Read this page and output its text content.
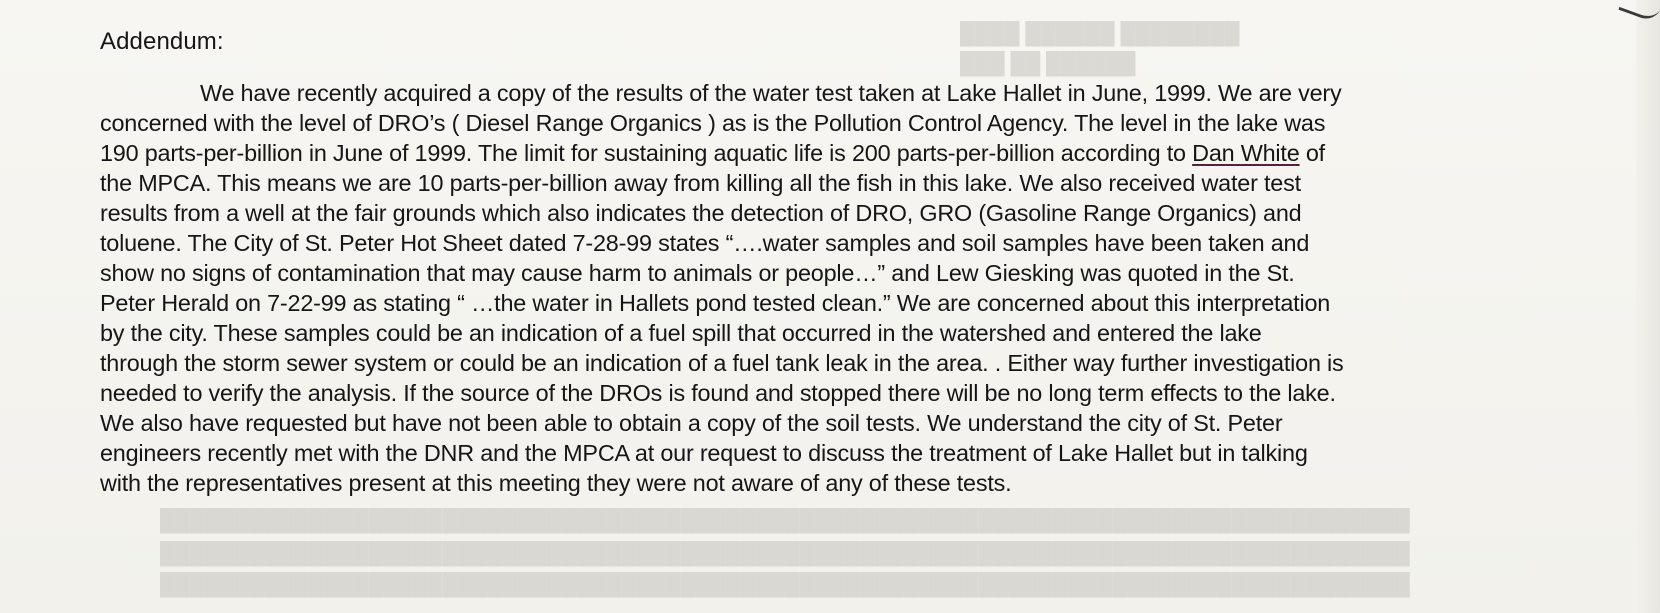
████ ██████ ████████
███ ██ ██████
████████████████████████████████████████████████████████████████████████████████████
████████████████████████████████████████████████████████████████████████████████████
████████████████████████████████████████████████████████████████████████████████████
Addendum:
We have recently acquired a copy of the results of the water test taken at Lake Hallet in June, 1999. We are very
concerned with the level of DRO’s ( Diesel Range Organics ) as is the Pollution Control Agency. The level in the lake was
190 parts-per-billion in June of 1999. The limit for sustaining aquatic life is 200 parts-per-billion according to Dan White of
the MPCA. This means we are 10 parts-per-billion away from killing all the fish in this lake. We also received water test
results from a well at the fair grounds which also indicates the detection of DRO, GRO (Gasoline Range Organics) and
toluene. The City of St. Peter Hot Sheet dated 7-28-99 states “….water samples and soil samples have been taken and
show no signs of contamination that may cause harm to animals or people…” and Lew Giesking was quoted in the St.
Peter Herald on 7-22-99 as stating “ …the water in Hallets pond tested clean.” We are concerned about this interpretation
by the city. These samples could be an indication of a fuel spill that occurred in the watershed and entered the lake
through the storm sewer system or could be an indication of a fuel tank leak in the area. . Either way further investigation is
needed to verify the analysis. If the source of the DROs is found and stopped there will be no long term effects to the lake.
We also have requested but have not been able to obtain a copy of the soil tests. We understand the city of St. Peter
engineers recently met with the DNR and the MPCA at our request to discuss the treatment of Lake Hallet but in talking
with the representatives present at this meeting they were not aware of any of these tests.
